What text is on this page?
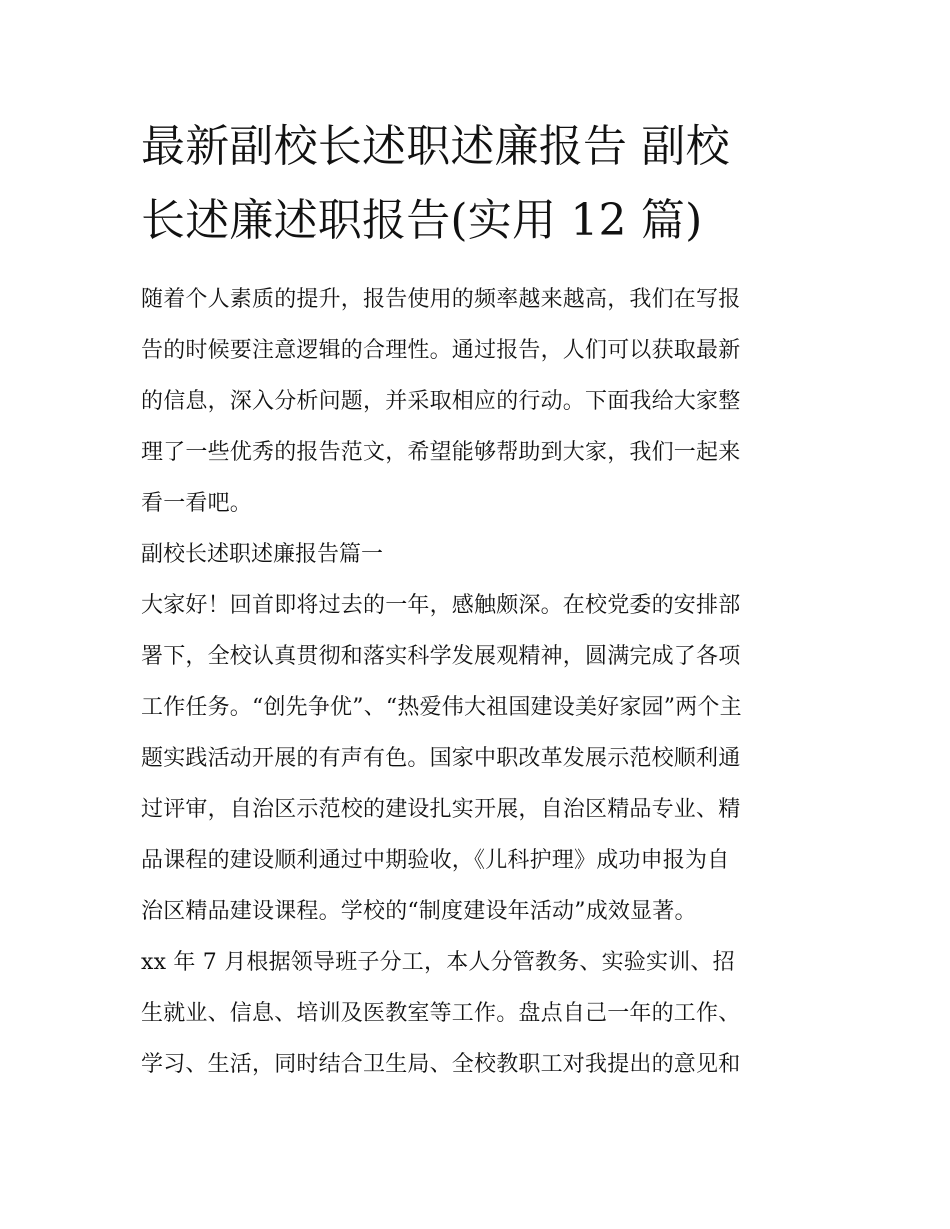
最新副校长述职述廉报告 副校
长述廉述职报告(实用 12 篇)
随着个人素质的提升，报告使用的频率越来越高，我们在写报
告的时候要注意逻辑的合理性。通过报告，人们可以获取最新
的信息，深入分析问题，并采取相应的行动。下面我给大家整
理了一些优秀的报告范文，希望能够帮助到大家，我们一起来
看一看吧。
副校长述职述廉报告篇一
大家好！回首即将过去的一年，感触颇深。在校党委的安排部
署下，全校认真贯彻和落实科学发展观精神，圆满完成了各项
工作任务。“创先争优”、“热爱伟大祖国建设美好家园”两个主
题实践活动开展的有声有色。国家中职改革发展示范校顺利通
过评审，自治区示范校的建设扎实开展，自治区精品专业、精
品课程的建设顺利通过中期验收，《儿科护理》成功申报为自
治区精品建设课程。学校的“制度建设年活动”成效显著。
xx 年 7 月根据领导班子分工，本人分管教务、实验实训、招
生就业、信息、培训及医教室等工作。盘点自己一年的工作、
学习、生活，同时结合卫生局、全校教职工对我提出的意见和
